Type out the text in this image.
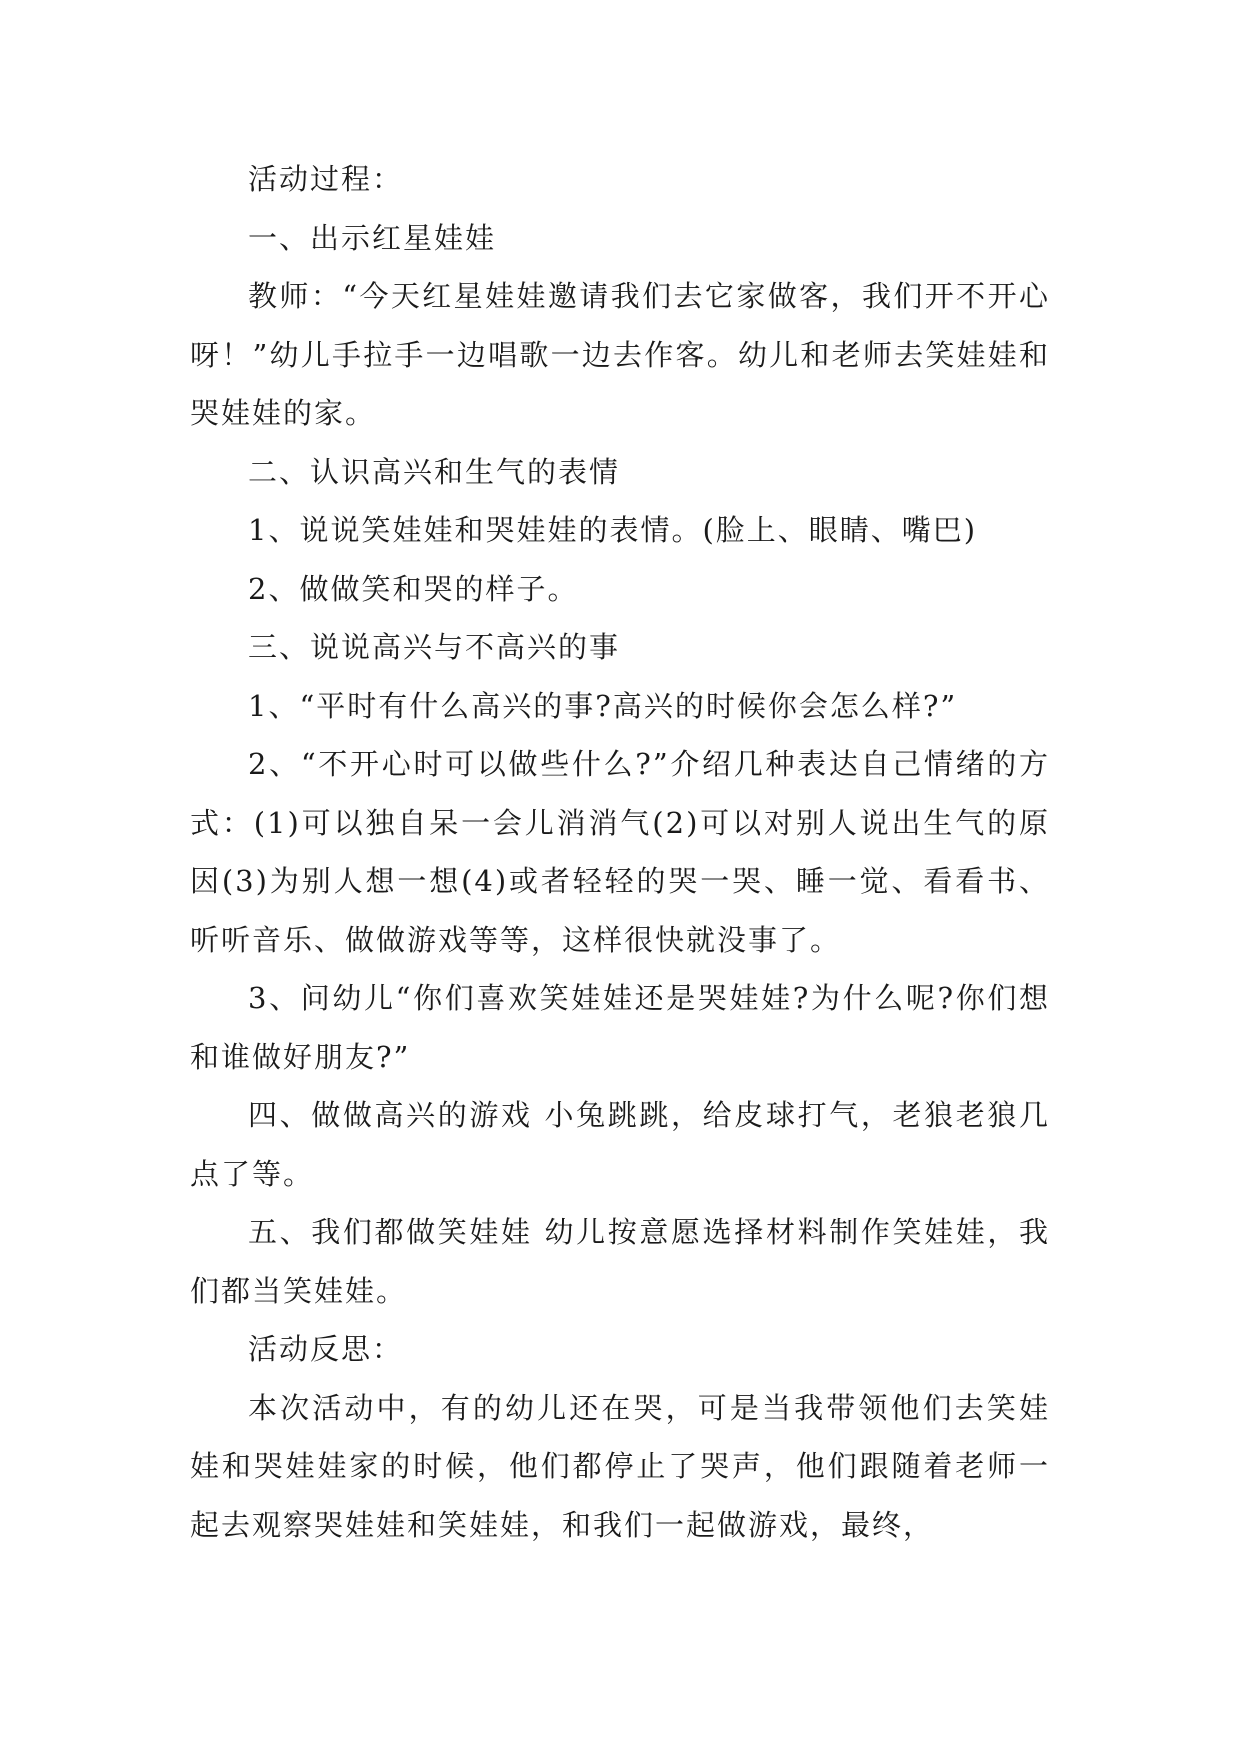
活动过程：

一、出示红星娃娃

教师：“今天红星娃娃邀请我们去它家做客，我们开不开心呀！”幼儿手拉手一边唱歌一边去作客。幼儿和老师去笑娃娃和哭娃娃的家。

二、认识高兴和生气的表情

1、说说笑娃娃和哭娃娃的表情。(脸上、眼睛、嘴巴)

2、做做笑和哭的样子。

三、说说高兴与不高兴的事

1、“平时有什么高兴的事?高兴的时候你会怎么样?”

2、“不开心时可以做些什么?”介绍几种表达自己情绪的方式：(1)可以独自呆一会儿消消气(2)可以对别人说出生气的原因(3)为别人想一想(4)或者轻轻的哭一哭、睡一觉、看看书、听听音乐、做做游戏等等，这样很快就没事了。

3、问幼儿“你们喜欢笑娃娃还是哭娃娃?为什么呢?你们想和谁做好朋友?”

四、做做高兴的游戏 小兔跳跳，给皮球打气，老狼老狼几点了等。

五、我们都做笑娃娃 幼儿按意愿选择材料制作笑娃娃，我们都当笑娃娃。

活动反思：

本次活动中，有的幼儿还在哭，可是当我带领他们去笑娃娃和哭娃娃家的时候，他们都停止了哭声，他们跟随着老师一起去观察哭娃娃和笑娃娃，和我们一起做游戏，最终，
